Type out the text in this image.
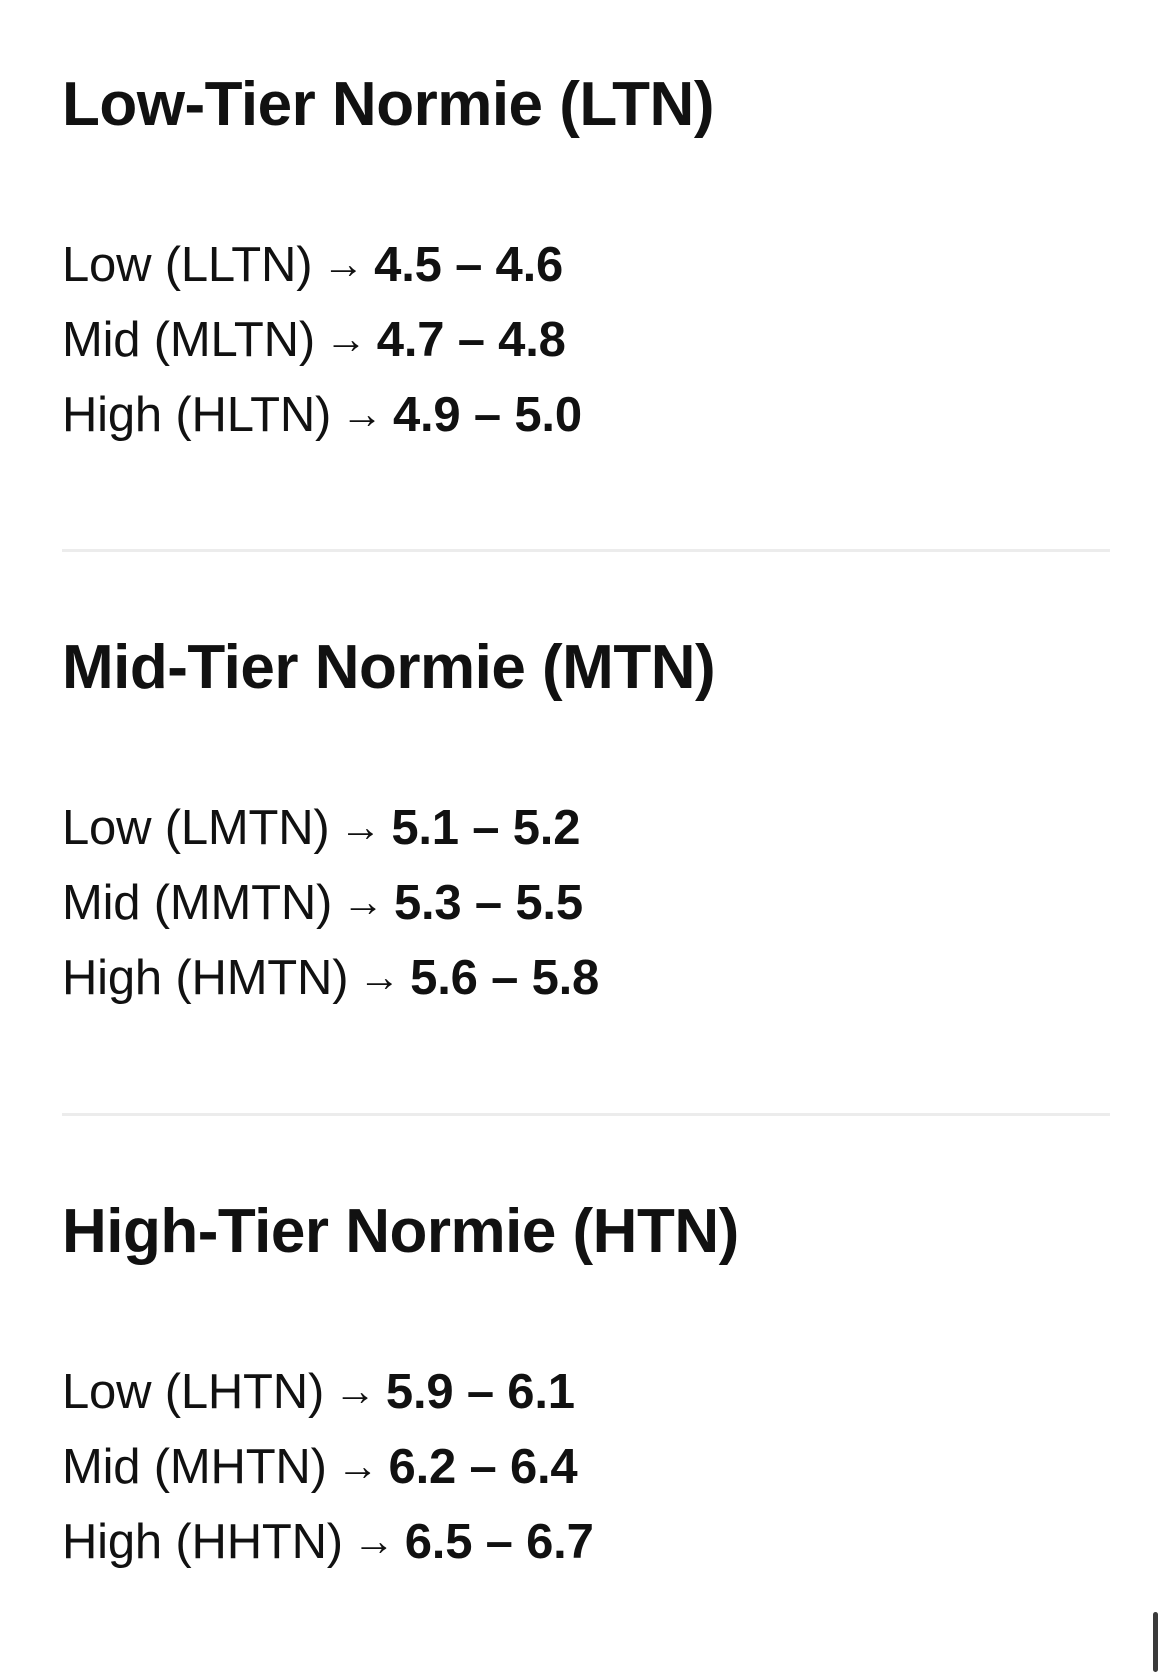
Low-Tier Normie (LTN)
Low (LLTN) → 4.5 – 4.6
Mid (MLTN) → 4.7 – 4.8
High (HLTN) → 4.9 – 5.0
Mid-Tier Normie (MTN)
Low (LMTN) → 5.1 – 5.2
Mid (MMTN) → 5.3 – 5.5
High (HMTN) → 5.6 – 5.8
High-Tier Normie (HTN)
Low (LHTN) → 5.9 – 6.1
Mid (MHTN) → 6.2 – 6.4
High (HHTN) → 6.5 – 6.7
